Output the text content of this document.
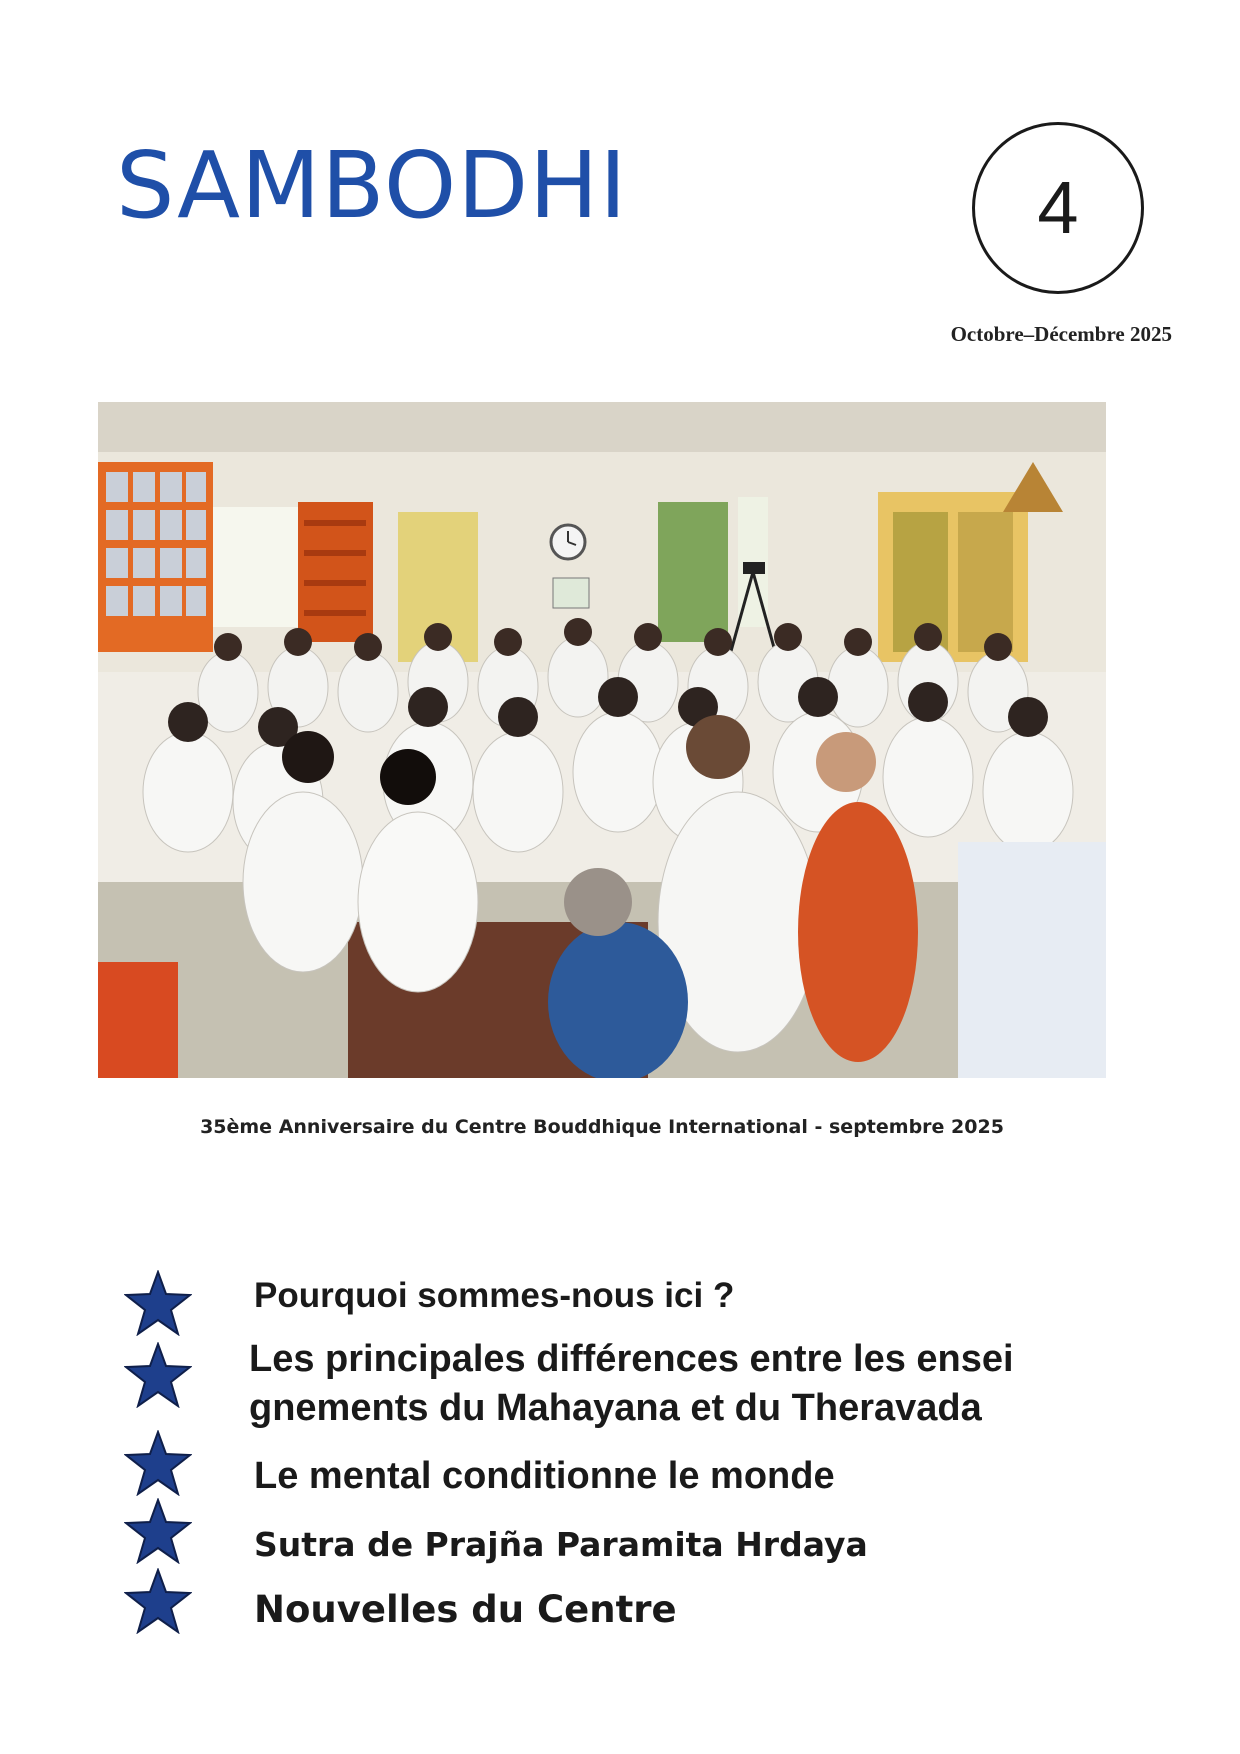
SAMBODHI	4
Octobre–Décembre 2025
35ème Anniversaire du Centre Bouddhique International - septembre 2025
Pourquoi sommes-nous ici ?
Les principales différences entre les ensei
gnements du Mahayana et du Theravada
Le mental conditionne le monde
Sutra de Prajña Paramita Hrdaya
Nouvelles du Centre
